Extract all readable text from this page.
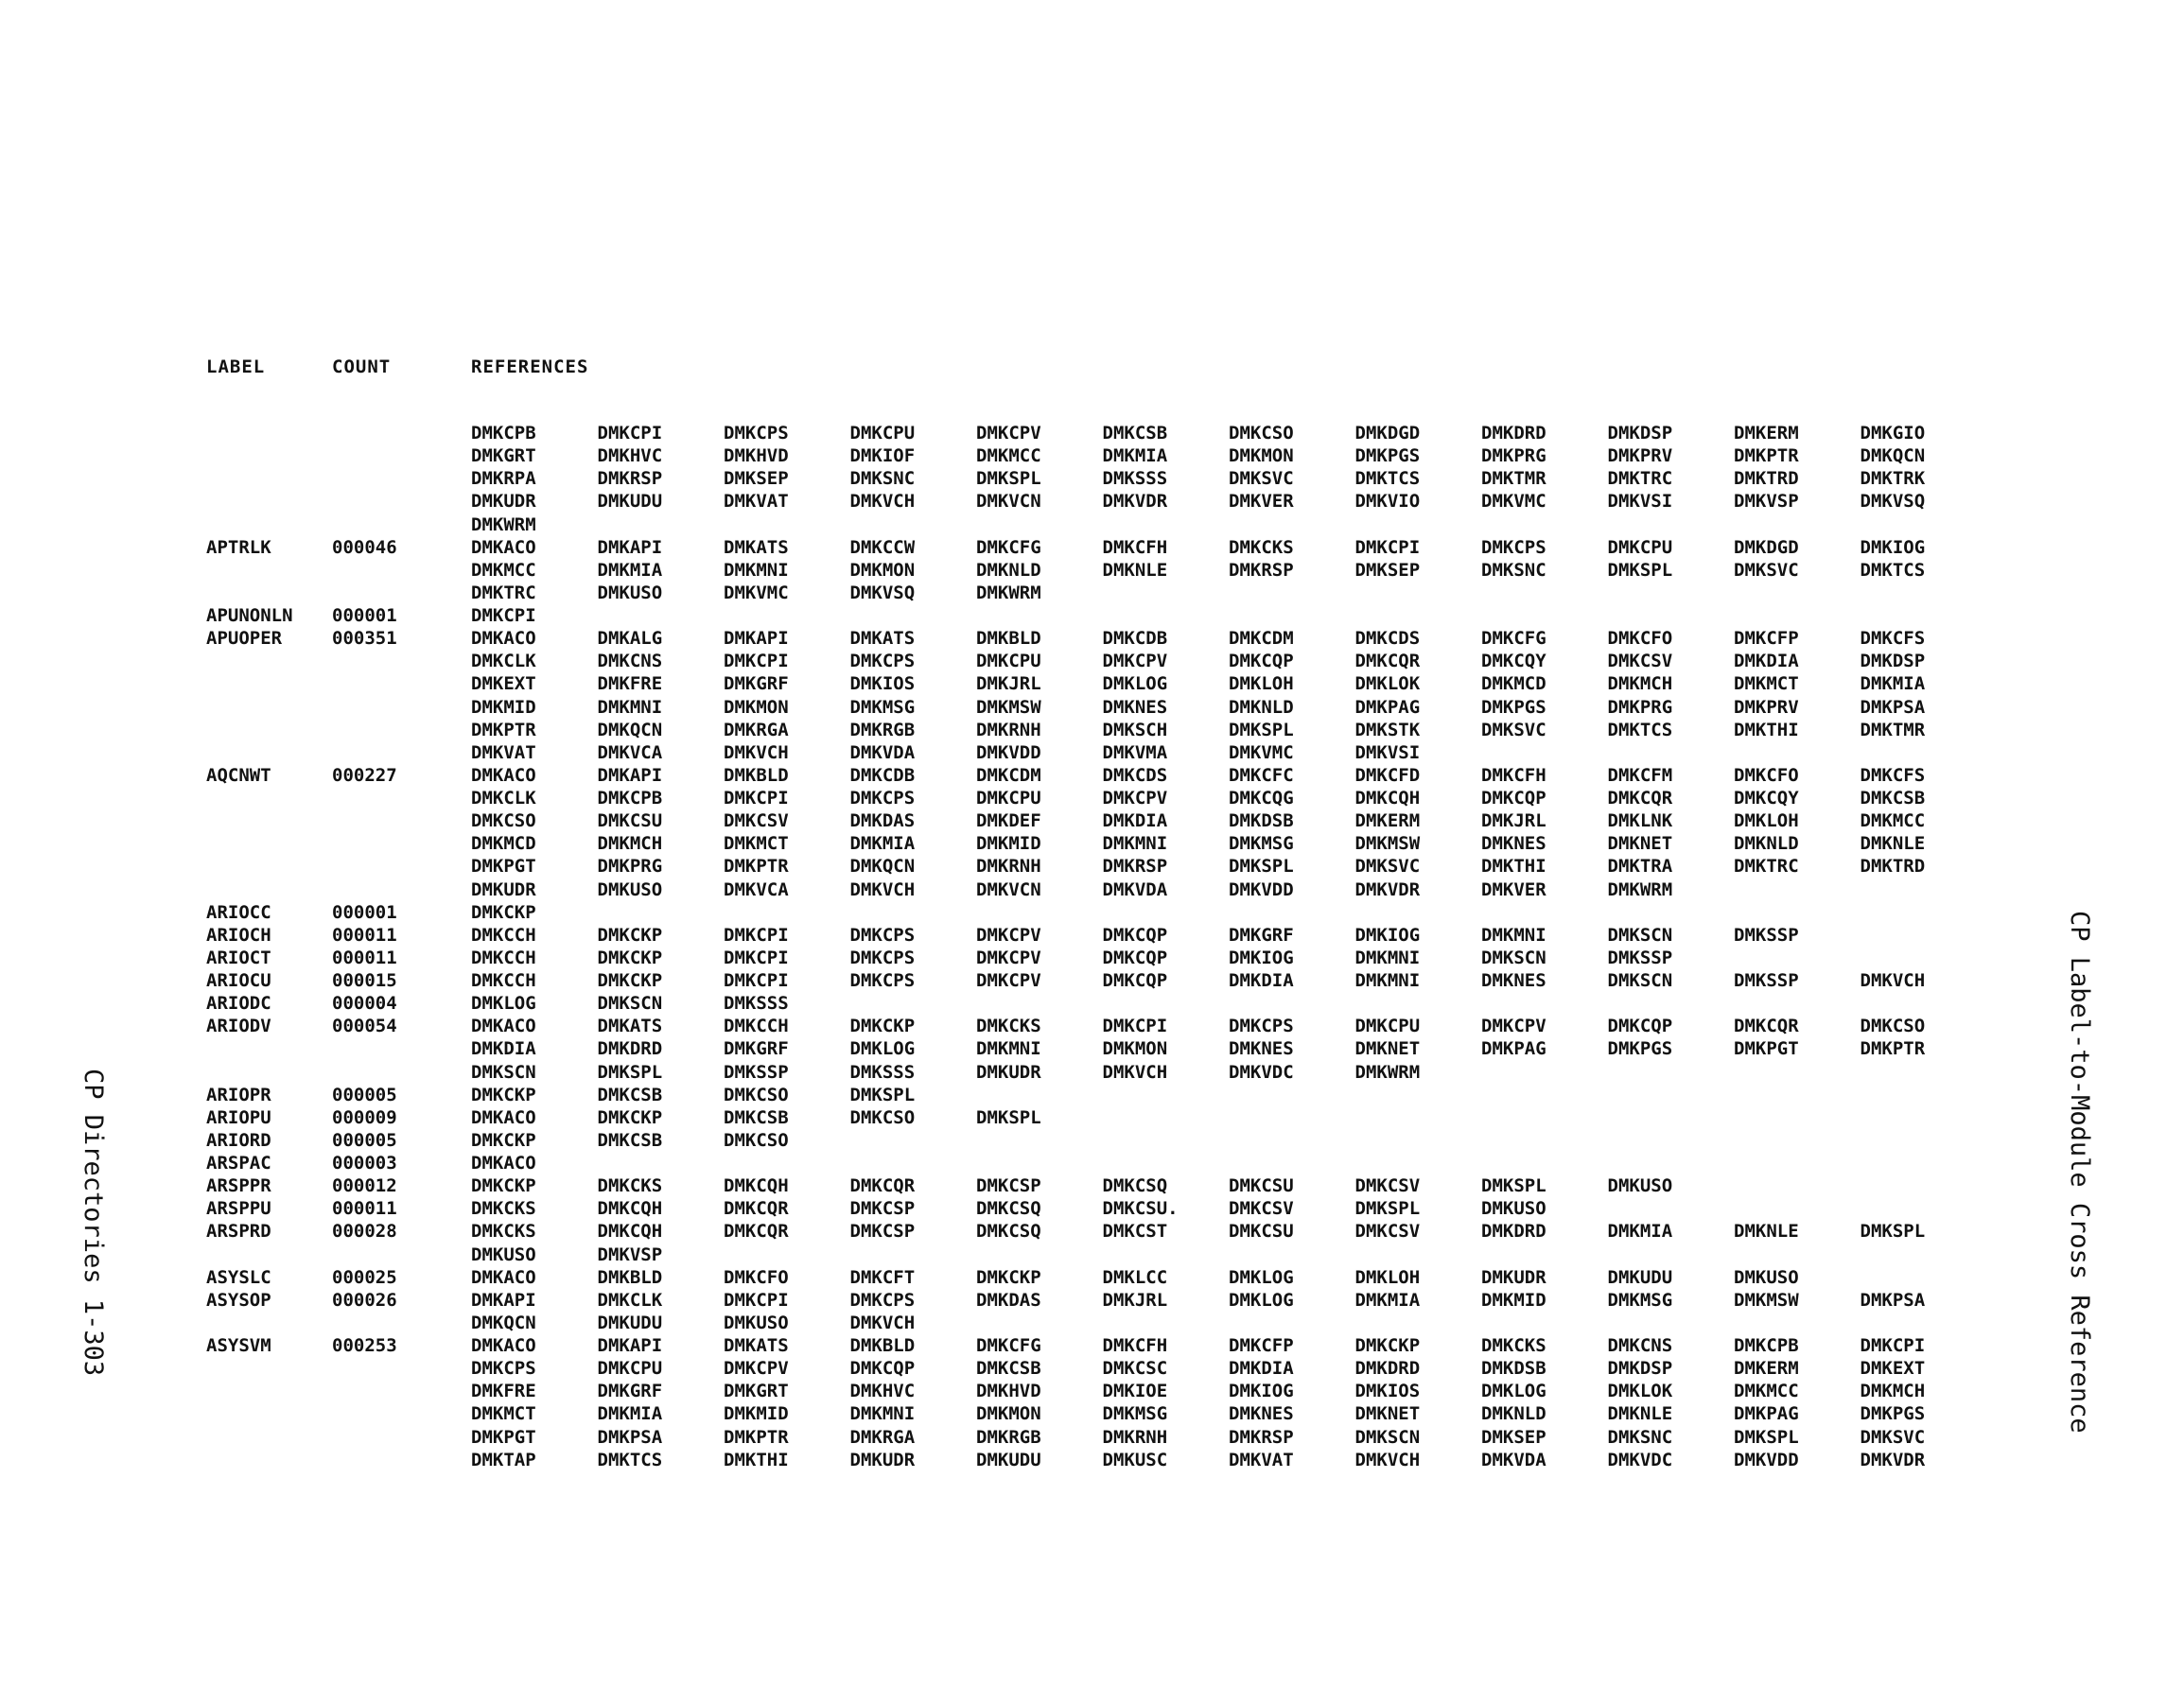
LABEL	COUNT	REFERENCES
DMKCPB	DMKCPI	DMKCPS	DMKCPU	DMKCPV	DMKCSB	DMKCSO	DMKDGD	DMKDRD	DMKDSP	DMKERM	DMKGIO
DMKGRT	DMKHVC	DMKHVD	DMKIOF	DMKMCC	DMKMIA	DMKMON	DMKPGS	DMKPRG	DMKPRV	DMKPTR	DMKQCN
DMKRPA	DMKRSP	DMKSEP	DMKSNC	DMKSPL	DMKSSS	DMKSVC	DMKTCS	DMKTMR	DMKTRC	DMKTRD	DMKTRK
DMKUDR	DMKUDU	DMKVAT	DMKVCH	DMKVCN	DMKVDR	DMKVER	DMKVIO	DMKVMC	DMKVSI	DMKVSP	DMKVSQ
DMKWRM
APTRLK	000046	DMKACO	DMKAPI	DMKATS	DMKCCW	DMKCFG	DMKCFH	DMKCKS	DMKCPI	DMKCPS	DMKCPU	DMKDGD	DMKIOG
DMKMCC	DMKMIA	DMKMNI	DMKMON	DMKNLD	DMKNLE	DMKRSP	DMKSEP	DMKSNC	DMKSPL	DMKSVC	DMKTCS
DMKTRC	DMKUSO	DMKVMC	DMKVSQ	DMKWRM
APUNONLN 000001	DMKCPI
APUOPER	000351	DMKACO	DMKALG	DMKAPI	DMKATS	DMKBLD	DMKCDB	DMKCDM	DMKCDS	DMKCFG	DMKCFO	DMKCFP	DMKCFS
DMKCLK	DMKCNS	DMKCPI	DMKCPS	DMKCPU	DMKCPV	DMKCQP	DMKCQR	DMKCQY	DMKCSV	DMKDIA	DMKDSP
DMKEXT	DMKFRE	DMKGRF	DMKIOS	DMKJRL	DMKLOG	DMKLOH	DMKLOK	DMKMCD	DMKMCH	DMKMCT	DMKMIA
DMKMID	DMKMNI	DMKMON	DMKMSG	DMKMSW	DMKNES	DMKNLD	DMKPAG	DMKPGS	DMKPRG	DMKPRV	DMKPSA
DMKPTR	DMKQCN	DMKRGA	DMKRGB	DMKRNH	DMKSCH	DMKSPL	DMKSTK	DMKSVC	DMKTCS	DMKTHI	DMKTMR
DMKVAT	DMKVCA	DMKVCH	DMKVDA	DMKVDD	DMKVMA	DMKVMC	DMKVSI
AQCNWT	000227	DMKACO	DMKAPI	DMKBLD	DMKCDB	DMKCDM	DMKCDS	DMKCFC	DMKCFD	DMKCFH	DMKCFM	DMKCFO	DMKCFS
DMKCLK	DMKCPB	DMKCPI	DMKCPS	DMKCPU	DMKCPV	DMKCQG	DMKCQH	DMKCQP	DMKCQR	DMKCQY	DMKCSB
DMKCSO	DMKCSU	DMKCSV	DMKDAS	DMKDEF	DMKDIA	DMKDSB	DMKERM	DMKJRL	DMKLNK	DMKLOH	DMKMCC
DMKMCD	DMKMCH	DMKMCT	DMKMIA	DMKMID	DMKMNI	DMKMSG	DMKMSW	DMKNES	DMKNET	DMKNLD	DMKNLE
DMKPGT	DMKPRG	DMKPTR	DMKQCN	DMKRNH	DMKRSP	DMKSPL	DMKSVC	DMKTHI	DMKTRA	DMKTRC	DMKTRD
DMKUDR	DMKUSO	DMKVCA	DMKVCH	DMKVCN	DMKVDA	DMKVDD	DMKVDR	DMKVER	DMKWRM
ARIOCC	000001	DMKCKP
ARIOCH	000011	DMKCCH	DMKCKP	DMKCPI	DMKCPS	DMKCPV	DMKCQP	DMKGRF	DMKIOG	DMKMNI	DMKSCN	DMKSSP
ARIOCT	000011	DMKCCH	DMKCKP	DMKCPI	DMKCPS	DMKCPV	DMKCQP	DMKIOG	DMKMNI	DMKSCN	DMKSSP
ARIOCU	000015	DMKCCH	DMKCKP	DMKCPI	DMKCPS	DMKCPV	DMKCQP	DMKDIA	DMKMNI	DMKNES	DMKSCN	DMKSSP	DMKVCH
ARIODC	000004	DMKLOG	DMKSCN	DMKSSS
ARIODV	000054	DMKACO	DMKATS	DMKCCH	DMKCKP	DMKCKS	DMKCPI	DMKCPS	DMKCPU	DMKCPV	DMKCQP	DMKCQR	DMKCSO
DMKDIA	DMKDRD	DMKGRF	DMKLOG	DMKMNI	DMKMON	DMKNES	DMKNET	DMKPAG	DMKPGS	DMKPGT	DMKPTR
DMKSCN	DMKSPL	DMKSSP	DMKSSS	DMKUDR	DMKVCH	DMKVDC	DMKWRM
ARIOPR	000005	DMKCKP	DMKCSB	DMKCSO	DMKSPL
ARIOPU	000009	DMKACO	DMKCKP	DMKCSB	DMKCSO	DMKSPL
ARIORD	000005	DMKCKP	DMKCSB	DMKCSO
ARSPAC	000003	DMKACO
ARSPPR	000012	DMKCKP	DMKCKS	DMKCQH	DMKCQR	DMKCSP	DMKCSQ	DMKCSU	DMKCSV	DMKSPL	DMKUSO
ARSPPU	000011	DMKCKS	DMKCQH	DMKCQR	DMKCSP	DMKCSQ	DMKCSU.	DMKCSV	DMKSPL	DMKUSO
ARSPRD	000028	DMKCKS	DMKCQH	DMKCQR	DMKCSP	DMKCSQ	DMKCST	DMKCSU	DMKCSV	DMKDRD	DMKMIA	DMKNLE	DMKSPL
DMKUSO	DMKVSP
ASYSLC	000025	DMKACO	DMKBLD	DMKCFO	DMKCFT	DMKCKP	DMKLCC	DMKLOG	DMKLOH	DMKUDR	DMKUDU	DMKUSO
ASYSOP	000026	DMKAPI	DMKCLK	DMKCPI	DMKCPS	DMKDAS	DMKJRL	DMKLOG	DMKMIA	DMKMID	DMKMSG	DMKMSW	DMKPSA
DMKQCN	DMKUDU	DMKUSO	DMKVCH
ASYSVM	000253	DMKACO	DMKAPI	DMKATS	DMKBLD	DMKCFG	DMKCFH	DMKCFP	DMKCKP	DMKCKS	DMKCNS	DMKCPB	DMKCPI
DMKCPS	DMKCPU	DMKCPV	DMKCQP	DMKCSB	DMKCSC	DMKDIA	DMKDRD	DMKDSB	DMKDSP	DMKERM	DMKEXT
DMKFRE	DMKGRF	DMKGRT	DMKHVC	DMKHVD	DMKIOE	DMKIOG	DMKIOS	DMKLOG	DMKLOK	DMKMCC	DMKMCH
DMKMCT	DMKMIA	DMKMID	DMKMNI	DMKMON	DMKMSG	DMKNES	DMKNET	DMKNLD	DMKNLE	DMKPAG	DMKPGS
DMKPGT	DMKPSA	DMKPTR	DMKRGA	DMKRGB	DMKRNH	DMKRSP	DMKSCN	DMKSEP	DMKSNC	DMKSPL	DMKSVC
DMKTAP	DMKTCS	DMKTHI	DMKUDR	DMKUDU	DMKUSC	DMKVAT	DMKVCH	DMKVDA	DMKVDC	DMKVDD	DMKVDR
CP Directories 1-303	CP Label-to-Module Cross Reference
